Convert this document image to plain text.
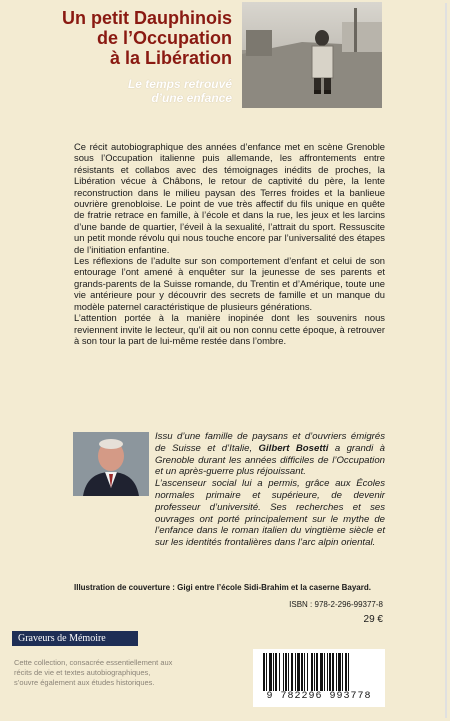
Un petit Dauphinois
de l’Occupation
à la Libération
Le temps retrouvé
d’une enfance

Ce récit autobiographique des années d’enfance met en scène Grenoble sous l’Occupation italienne puis allemande, les affrontements entre résistants et collabos avec des témoignages inédits de proches, la Libération vécue à Châbons, le retour de captivité du père, la lente reconstruction dans le milieu paysan des Terres froides et la banlieue ouvrière grenobloise. Le point de vue très affectif du fils unique en quête de fratrie retrace en famille, à l’école et dans la rue, les jeux et les larcins d’une bande de quartier, l’éveil à la sexualité, l’attrait du sport. Ressuscite un petit monde révolu qui nous touche encore par l’universalité des étapes de l’initiation enfantine.

Les réflexions de l’adulte sur son comportement d’enfant et celui de son entourage l’ont amené à enquêter sur la jeunesse de ses parents et grands-parents de la Suisse romande, du Trentin et d’Amérique, toute une vie antérieure pour y découvrir des secrets de famille et un manque du modèle paternel caractéristique de plusieurs générations.

L’attention portée à la manière inopinée dont les souvenirs nous reviennent invite le lecteur, qu’il ait ou non connu cette époque, à retrouver à son tour la part de lui-même restée dans l’ombre.

Issu d’une famille de paysans et d’ouvriers émigrés de Suisse et d’Italie, Gilbert Bosetti a grandi à Grenoble durant les années difficiles de l’Occupation et un après-guerre plus réjouissant.

L’ascenseur social lui a permis, grâce aux Écoles normales primaire et supérieure, de devenir professeur d’université. Ses recherches et ses ouvrages ont porté principalement sur le mythe de l’enfance dans le roman italien du vingtième siècle et sur les identités frontalières dans l’arc alpin oriental.

Illustration de couverture : Gigi entre l’école Sidi-Brahim et la caserne Bayard.
ISBN : 978-2-296-99377-8
29 €
Graveurs de Mémoire
Cette collection, consacrée essentiellement aux récits de vie et textes autobiographiques, s’ouvre également aux études historiques.
9 782296 993778
